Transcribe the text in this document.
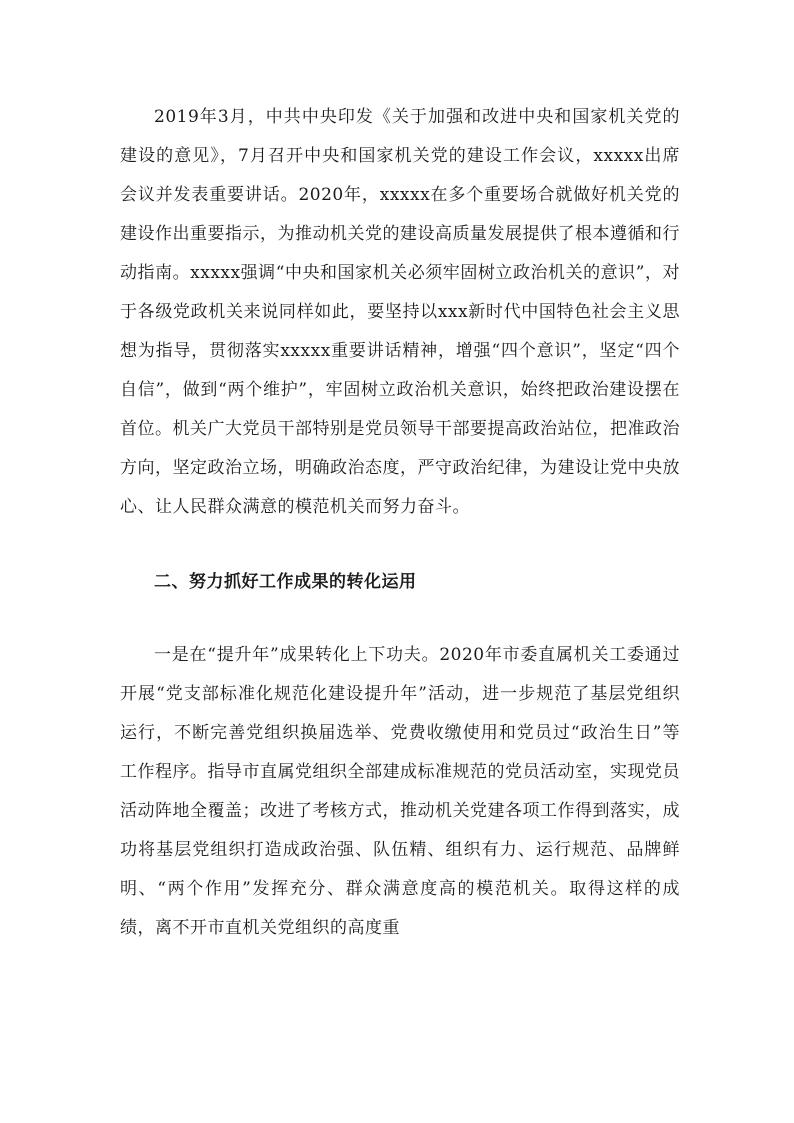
2019年3月，中共中央印发《关于加强和改进中央和国家机关党的建设的意见》，7月召开中央和国家机关党的建设工作会议，xxxxx出席会议并发表重要讲话。2020年，xxxxx在多个重要场合就做好机关党的建设作出重要指示，为推动机关党的建设高质量发展提供了根本遵循和行动指南。xxxxx强调“中央和国家机关必须牢固树立政治机关的意识”，对于各级党政机关来说同样如此，要坚持以xxx新时代中国特色社会主义思想为指导，贯彻落实xxxxx重要讲话精神，增强“四个意识”，坚定“四个自信”，做到“两个维护”，牢固树立政治机关意识，始终把政治建设摆在首位。机关广大党员干部特别是党员领导干部要提高政治站位，把准政治方向，坚定政治立场，明确政治态度，严守政治纪律，为建设让党中央放心、让人民群众满意的模范机关而努力奋斗。

二、努力抓好工作成果的转化运用

一是在“提升年”成果转化上下功夫。2020年市委直属机关工委通过开展“党支部标准化规范化建设提升年”活动，进一步规范了基层党组织运行，不断完善党组织换届选举、党费收缴使用和党员过“政治生日”等工作程序。指导市直属党组织全部建成标准规范的党员活动室，实现党员活动阵地全覆盖；改进了考核方式，推动机关党建各项工作得到落实，成功将基层党组织打造成政治强、队伍精、组织有力、运行规范、品牌鲜明、“两个作用”发挥充分、群众满意度高的模范机关。取得这样的成绩，离不开市直机关党组织的高度重
